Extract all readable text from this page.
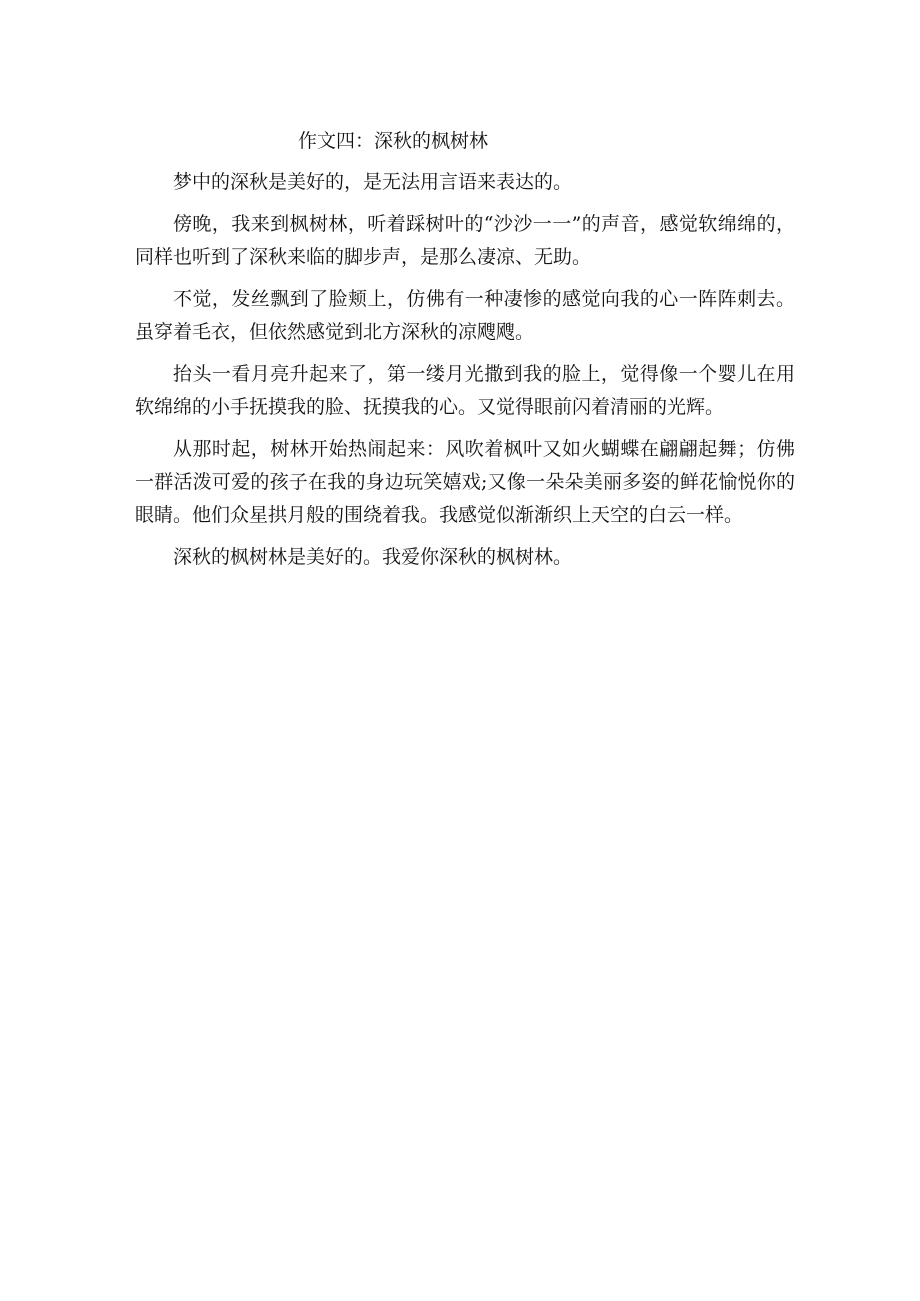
作文四：深秋的枫树林

梦中的深秋是美好的，是无法用言语来表达的。

傍晚，我来到枫树林，听着踩树叶的“沙沙一一”的声音，感觉软绵绵的，同样也听到了深秋来临的脚步声，是那么凄凉、无助。

不觉，发丝飘到了脸颊上，仿佛有一种凄惨的感觉向我的心一阵阵刺去。虽穿着毛衣，但依然感觉到北方深秋的凉飕飕。

抬头一看月亮升起来了，第一缕月光撒到我的脸上，觉得像一个婴儿在用软绵绵的小手抚摸我的脸、抚摸我的心。又觉得眼前闪着清丽的光辉。

从那时起，树林开始热闹起来：风吹着枫叶又如火蝴蝶在翩翩起舞；仿佛一群活泼可爱的孩子在我的身边玩笑嬉戏;又像一朵朵美丽多姿的鲜花愉悦你的眼睛。他们众星拱月般的围绕着我。我感觉似渐渐织上天空的白云一样。

深秋的枫树林是美好的。我爱你深秋的枫树林。
